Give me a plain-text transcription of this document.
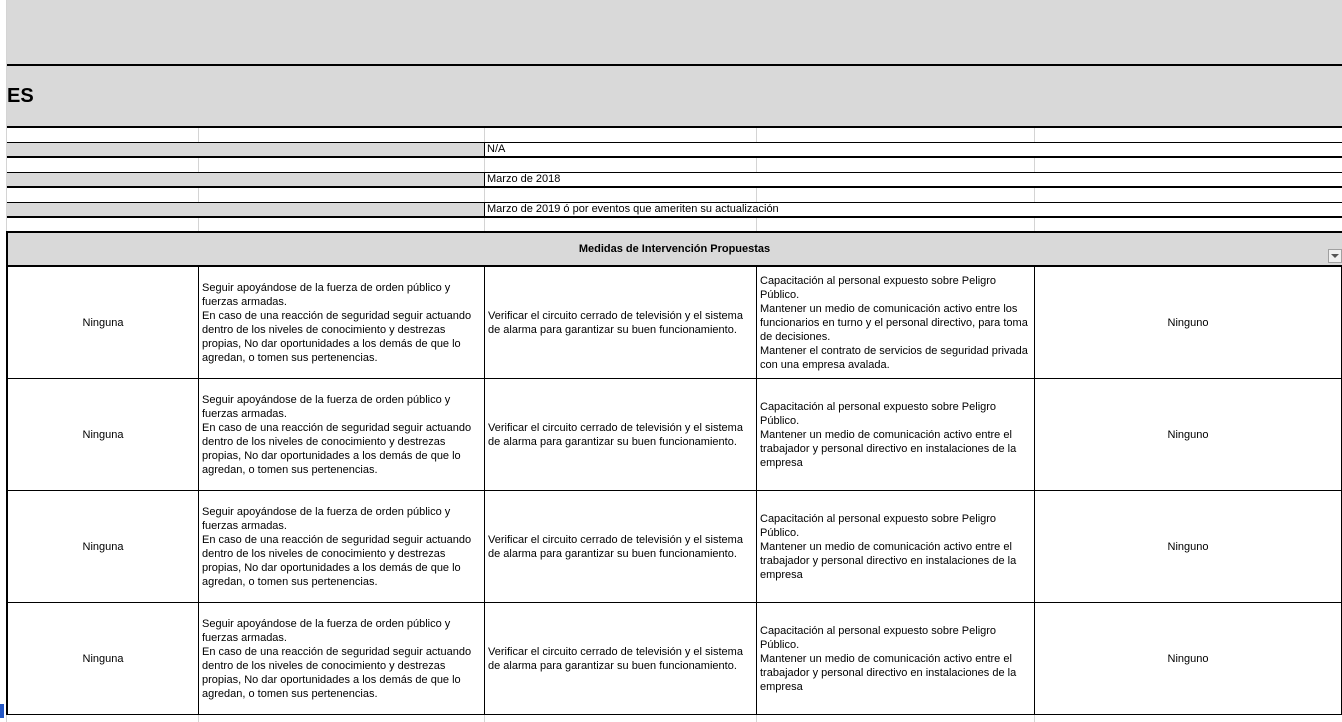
ES
N/A
Marzo de 2018
Marzo de 2019 ó por eventos que ameriten su actualización
Medidas de Intervención Propuestas
Ninguna
Seguir apoyándose de la fuerza de orden público y
fuerzas armadas.
En caso de una reacción de seguridad seguir actuando
dentro de los niveles de conocimiento y destrezas
propias, No dar oportunidades a los demás de que lo
agredan, o tomen sus pertenencias.
Verificar el circuito cerrado de televisión y el sistema
de alarma para garantizar su buen funcionamiento.
Capacitación al personal expuesto sobre Peligro Público.
Mantener un medio de comunicación activo entre los
funcionarios en turno y el personal directivo, para toma
de decisiones.
Mantener el contrato de servicios de seguridad privada
con una empresa avalada.
Ninguno
Ninguna
Seguir apoyándose de la fuerza de orden público y
fuerzas armadas.
En caso de una reacción de seguridad seguir actuando
dentro de los niveles de conocimiento y destrezas
propias, No dar oportunidades a los demás de que lo
agredan, o tomen sus pertenencias.
Verificar el circuito cerrado de televisión y el sistema
de alarma para garantizar su buen funcionamiento.
Capacitación al personal expuesto sobre Peligro Público.
Mantener un medio de comunicación activo entre el
trabajador y personal directivo en instalaciones de la
empresa
Ninguno
Ninguna
Seguir apoyándose de la fuerza de orden público y
fuerzas armadas.
En caso de una reacción de seguridad seguir actuando
dentro de los niveles de conocimiento y destrezas
propias, No dar oportunidades a los demás de que lo
agredan, o tomen sus pertenencias.
Verificar el circuito cerrado de televisión y el sistema
de alarma para garantizar su buen funcionamiento.
Capacitación al personal expuesto sobre Peligro Público.
Mantener un medio de comunicación activo entre el
trabajador y personal directivo en instalaciones de la
empresa
Ninguno
Ninguna
Seguir apoyándose de la fuerza de orden público y
fuerzas armadas.
En caso de una reacción de seguridad seguir actuando
dentro de los niveles de conocimiento y destrezas
propias, No dar oportunidades a los demás de que lo
agredan, o tomen sus pertenencias.
Verificar el circuito cerrado de televisión y el sistema
de alarma para garantizar su buen funcionamiento.
Capacitación al personal expuesto sobre Peligro Público.
Mantener un medio de comunicación activo entre el
trabajador y personal directivo en instalaciones de la
empresa
Ninguno
